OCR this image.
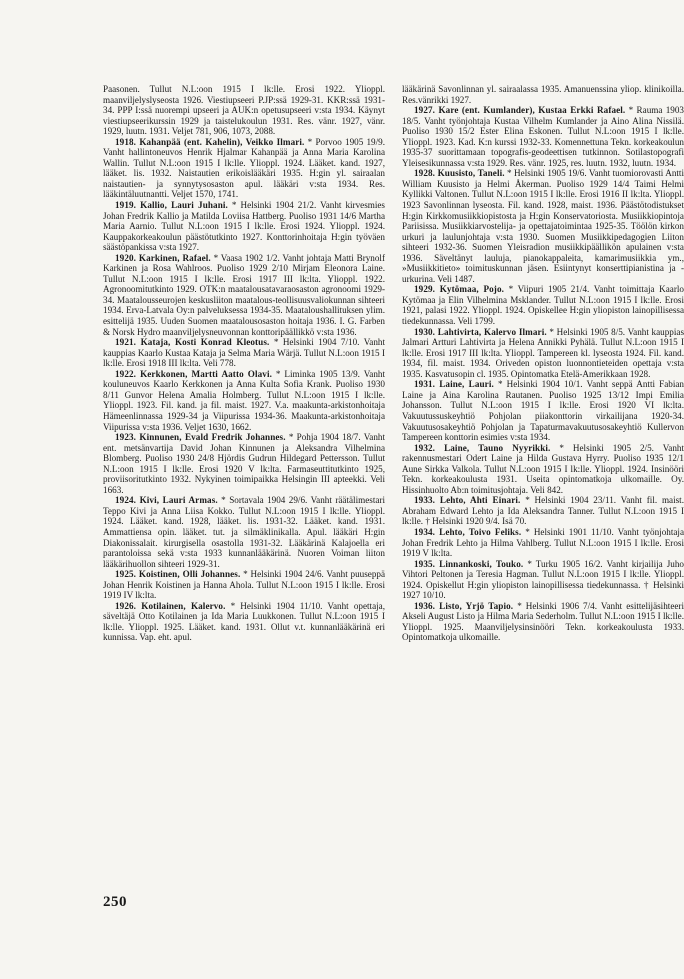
Paasonen. Tullut N.L:oon 1915 I lk:lle. Erosi 1922. Ylioppl. maanviljelyslyseosta 1926. Viestiupseeri P.JP:ssä 1929-31. KKR:ssä 1931-34. PPP I:ssä nuorempi upseeri ja AUK:n opetusupseeri v:sta 1934. Käynyt viestiupseerikurssin 1929 ja taistelukoulun 1931. Res. vänr. 1927, vänr. 1929, luutn. 1931. Veljet 781, 906, 1073, 2088.

1918. Kahanpää (ent. Kahelin), Veikko Ilmari. * Porvoo 1905 19/9. Vanht hallintoneuvos Henrik Hjalmar Kahanpää ja Anna Maria Karolina Wallin. Tullut N.L:oon 1915 I lk:lle. Ylioppl. 1924. Lääket. kand. 1927, lääket. lis. 1932. Naistautien erikoislääkäri 1935. H:gin yl. sairaalan naistautien- ja synnytysosaston apul. lääkäri v:sta 1934. Res. lääkintäluutnantti. Veljet 1570, 1741.

1919. Kallio, Lauri Juhani. * Helsinki 1904 21/2. Vanht kirvesmies Johan Fredrik Kallio ja Matilda Loviisa Hattberg. Puoliso 1931 14/6 Martha Maria Aarnio. Tullut N.L:oon 1915 I lk:lle. Erosi 1924. Ylioppl. 1924. Kauppakorkeakoulun päästötutkinto 1927. Konttorinhoitaja H:gin työväen säästöpankissa v:sta 1927.

1920. Karkinen, Rafael. * Vaasa 1902 1/2. Vanht johtaja Matti Brynolf Karkinen ja Rosa Wahlroos. Puoliso 1929 2/10 Mirjam Eleonora Laine. Tullut N.L:oon 1915 I lk:lle. Erosi 1917 III lk:lta. Ylioppl. 1922. Agronoomitutkinto 1929. OTK:n maatalousatavaraosaston agronoomi 1929-34. Maatalousseurojen keskusliiton maatalous-teollisuusvaliokunnan sihteeri 1934. Erva-Latvala Oy:n palveluksessa 1934-35. Maataloushallituksen ylim. esittelijä 1935. Uuden Suomen maatalousosaston hoitaja 1936. I. G. Farben & Norsk Hydro maanviljelysneuvonnan konttoripäällikkö v:sta 1936.

1921. Kataja, Kosti Konrad Kleotus. * Helsinki 1904 7/10. Vanht kauppias Kaarlo Kustaa Kataja ja Selma Maria Wärjä. Tullut N.L:oon 1915 I lk:lle. Erosi 1918 III lk:lta. Veli 778.

1922. Kerkkonen, Martti Aatto Olavi. * Liminka 1905 13/9. Vanht kouluneuvos Kaarlo Kerkkonen ja Anna Kulta Sofia Krank. Puoliso 1930 8/11 Gunvor Helena Amalia Holmberg. Tullut N.L:oon 1915 I lk:lle. Ylioppl. 1923. Fil. kand. ja fil. maist. 1927. V.a. maakunta-arkistonhoitaja Hämeenlinnassa 1929-34 ja Viipurissa 1934-36. Maakunta-arkistonhoitaja Viipurissa v:sta 1936. Veljet 1630, 1662.

1923. Kinnunen, Evald Fredrik Johannes. * Pohja 1904 18/7. Vanht ent. metsänvartija David Johan Kinnunen ja Aleksandra Vilhelmina Blomberg. Puoliso 1930 24/8 Hjördis Gudrun Hildegard Pettersson. Tullut N.L:oon 1915 I lk:lle. Erosi 1920 V lk:lta. Farmaseuttitutkinto 1925, proviisoritutkinto 1932. Nykyinen toimipaikka Helsingin III apteekki. Veli 1663.

1924. Kivi, Lauri Armas. * Sortavala 1904 29/6. Vanht räätälimestari Teppo Kivi ja Anna Liisa Kokko. Tullut N.L:oon 1915 I lk:lle. Ylioppl. 1924. Lääket. kand. 1928, lääket. lis. 1931-32. Lääket. kand. 1931. Ammattiensa opin. lääket. tut. ja silmäklinikalla. Apul. lääkäri H:gin Diakonissalait. kirurgisella osastolla 1931-32. Lääkärinä Kalajoella eri parantoloissa sekä v:sta 1933 kunnanlääkärinä. Nuoren Voiman liiton lääkärihuollon sihteeri 1929-31.

1925. Koistinen, Olli Johannes. * Helsinki 1904 24/6. Vanht puuseppä Johan Henrik Koistinen ja Hanna Ahola. Tullut N.L:oon 1915 I lk:lle. Erosi 1919 IV lk:lta.

1926. Kotilainen, Kalervo. * Helsinki 1904 11/10. Vanht opettaja, säveltäjä Otto Kotilainen ja Ida Maria Luukkonen. Tullut N.L:oon 1915 I lk:lle. Ylioppl. 1925. Lääket. kand. 1931. Ollut v.t. kunnanlääkärinä eri kunnissa. Vap. eht. apul.

lääkärinä Savonlinnan yl. sairaalassa 1935. Amanuenssina yliop. klinikoilla. Res.vänrikki 1927.

1927. Kare (ent. Kumlander), Kustaa Erkki Rafael. * Rauma 1903 18/5. Vanht työnjohtaja Kustaa Vilhelm Kumlander ja Aino Alina Nissilä. Puoliso 1930 15/2 Ester Elina Eskonen. Tullut N.L:oon 1915 I lk:lle. Ylioppl. 1923. Kad. K:n kurssi 1932-33. Komennettuna Tekn. korkeakoulun 1935-37 suorittamaan topografis-geodeettisen tutkinnon. Sotilastopografi Yleisesikunnassa v:sta 1929. Res. vänr. 1925, res. luutn. 1932, luutn. 1934.

1928. Kuusisto, Taneli. * Helsinki 1905 19/6. Vanht tuomiorovasti Antti William Kuusisto ja Helmi Åkerman. Puoliso 1929 14/4 Taimi Helmi Kyllikki Valtonen. Tullut N.L:oon 1915 I lk:lle. Erosi 1916 II lk:lta. Ylioppl. 1923 Savonlinnan lyseosta. Fil. kand. 1928, maist. 1936. Päästötodistukset H:gin Kirkkomusiikkiopistosta ja H:gin Konservatoriosta. Musiikkiopintoja Pariisissa. Musiikkiarvostelija- ja opettajatoimintaa 1925-35. Töölön kirkon urkuri ja laulunjohtaja v:sta 1930. Suomen Musiikkipedagogien Liiton sihteeri 1932-36. Suomen Yleisradion musiikkipäällikön apulainen v:sta 1936. Säveltänyt lauluja, pianokappaleita, kamarimusiikkia ym., »Musiikkitieto» toimituskunnan jäsen. Esiintynyt konserttipianistina ja -urkurina. Veli 1487.

1929. Kytömaa, Pojo. * Viipuri 1905 21/4. Vanht toimittaja Kaarlo Kytömaa ja Elin Vilhelmina Msklander. Tullut N.L:oon 1915 I lk:lle. Erosi 1921, palasi 1922. Ylioppl. 1924. Opiskellee H:gin yliopiston lainopillisessa tiedekunnassa. Veli 1799.

1930. Lahtivirta, Kalervo Ilmari. * Helsinki 1905 8/5. Vanht kauppias Jalmari Artturi Lahtivirta ja Helena Annikki Pyhälä. Tullut N.L:oon 1915 I lk:lle. Erosi 1917 III lk:lta. Ylioppl. Tampereen kl. lyseosta 1924. Fil. kand. 1934, fil. maist. 1934. Oriveden opiston luonnontieteiden opettaja v:sta 1935. Kasvatusopin cl. 1935. Opintomatka Etelä-Amerikkaan 1928.

1931. Laine, Lauri. * Helsinki 1904 10/1. Vanht seppä Antti Fabian Laine ja Aina Karolina Rautanen. Puoliso 1925 13/12 Impi Emilia Johansson. Tullut N.L:oon 1915 I lk:lle. Erosi 1920 VI lk:lta. Vakuutussuskeyhtiö Pohjolan piiakonttorin virkailijana 1920-34. Vakuutusosakeyhtiö Pohjolan ja Tapaturmavakuutusosakeyhtiö Kullervon Tampereen konttorin esimies v:sta 1934.

1932. Laine, Tauno Nyyrikki. * Helsinki 1905 2/5. Vanht rakennusmestari Odert Laine ja Hilda Gustava Hyrry. Puoliso 1935 12/1 Aune Sirkka Valkola. Tullut N.L:oon 1915 I lk:lle. Ylioppl. 1924. Insinööri Tekn. korkeakoulusta 1931. Useita opintomatkoja ulkomaille. Oy. Hissinhuolto Ab:n toimitusjohtaja. Veli 842.

1933. Lehto, Ahti Einari. * Helsinki 1904 23/11. Vanht fil. maist. Abraham Edward Lehto ja Ida Aleksandra Tanner. Tullut N.L:oon 1915 I lk:lle. † Helsinki 1920 9/4. Isä 70.

1934. Lehto, Toivo Feliks. * Helsinki 1901 11/10. Vanht työnjohtaja Johan Fredrik Lehto ja Hilma Vahlberg. Tullut N.L:oon 1915 I lk:lle. Erosi 1919 V lk:lta.

1935. Linnankoski, Touko. * Turku 1905 16/2. Vanht kirjailija Juho Vihtori Peltonen ja Teresia Hagman. Tullut N.L:oon 1915 I lk:lle. Ylioppl. 1924. Opiskellut H:gin yliopiston lainopillisessa tiedekunnassa. † Helsinki 1927 10/10.

1936. Listo, Yrjö Tapio. * Helsinki 1906 7/4. Vanht esittelijäsihteeri Akseli August Listo ja Hilma Maria Sederholm. Tullut N.L:oon 1915 I lk:lle. Ylioppl. 1925. Maanviljelysinsinööri Tekn. korkeakoulusta 1933. Opintomatkoja ulkomaille.

250
